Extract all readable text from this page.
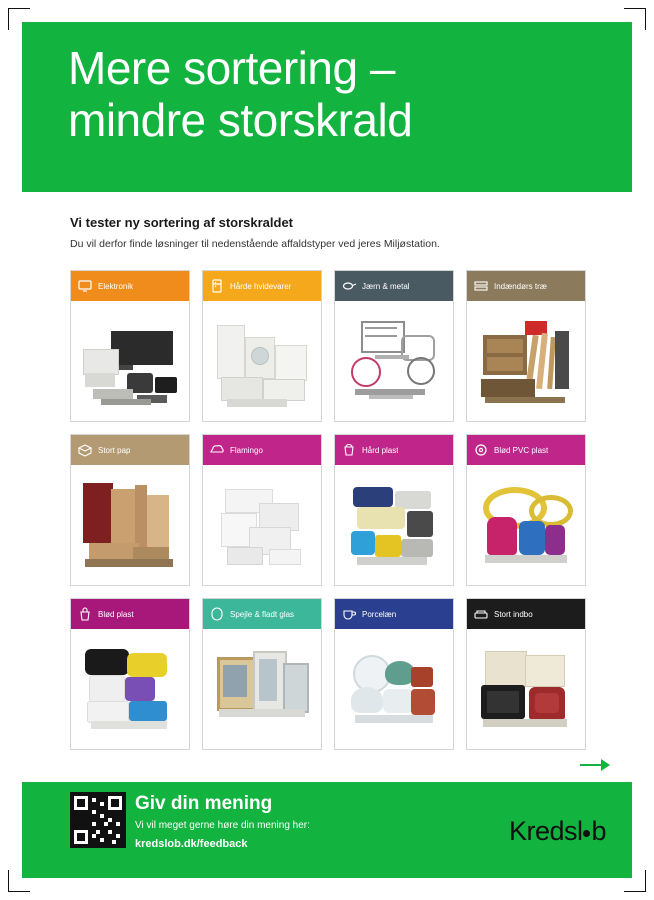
Mere sortering –
mindre storskrald
Vi tester ny sortering af storskraldet
Du vil derfor finde løsninger til nedenstående affaldstyper ved jeres Miljøstation.
Elektronik	Hårde hvidevarer	Jærn & metal	Indændørs træ
Stort pap	Flamingo	Hård plast	Blød PVC plast
Blød plast	Spejle & fladt glas	Porcelæn	Stort indbo
Giv din mening
Vi vil meget gerne høre din mening her:
kredslob.dk/feedback	Kredsl b
